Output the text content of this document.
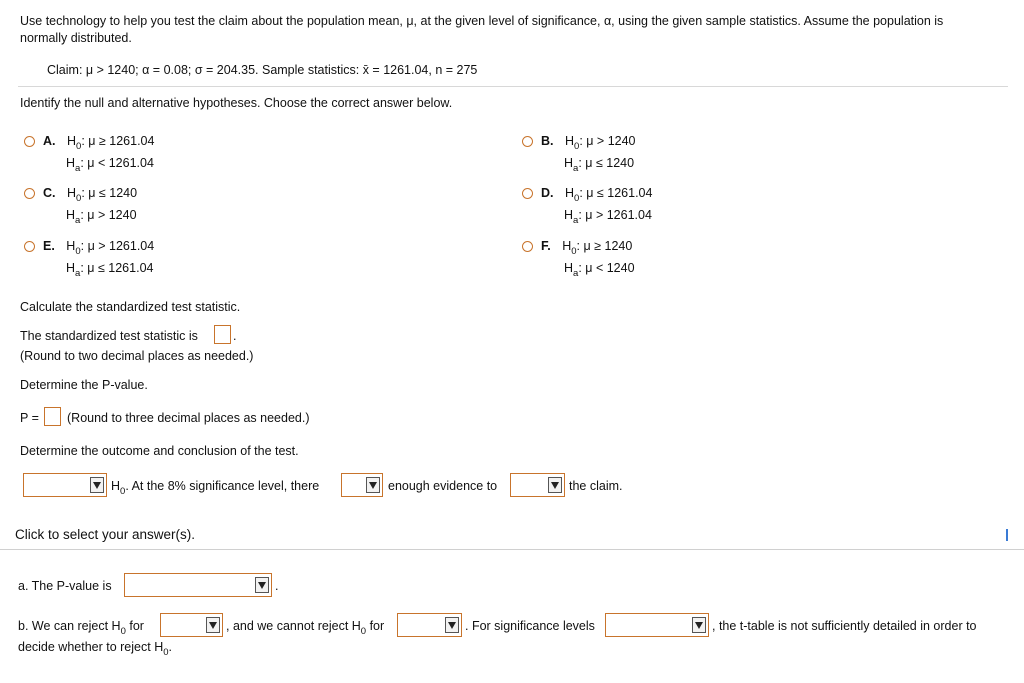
Use technology to help you test the claim about the population mean, μ, at the given level of significance, α, using the given sample statistics. Assume the population is
normally distributed.
Claim: μ > 1240; α = 0.08; σ = 204.35. Sample statistics: x̄ = 1261.04, n = 275
Identify the null and alternative hypotheses. Choose the correct answer below.
A. $H_0$: μ ≥ 1261.04
$H_a$: μ < 1261.04
B. $H_0$: μ > 1240
$H_a$: μ ≤ 1240
C. $H_0$: μ ≤ 1240
$H_a$: μ > 1240
D. $H_0$: μ ≤ 1261.04
$H_a$: μ > 1261.04
E. $H_0$: μ > 1261.04
$H_a$: μ ≤ 1261.04
F. $H_0$: μ ≥ 1240
$H_a$: μ < 1240
Calculate the standardized test statistic.
The standardized test statistic is	.
(Round to two decimal places as needed.)
Determine the P-value.
P = (Round to three decimal places as needed.)
Determine the outcome and conclusion of the test.
$H_0$. At the 8% significance level, there	enough evidence to	the claim.
Click to select your answer(s).
a. The P-value is	.
b. We can reject $H_0$ for	, and we cannot reject $H_0$ for	. For significance levels	, the t-table is not sufficiently detailed in order to
decide whether to reject $H_0$.
